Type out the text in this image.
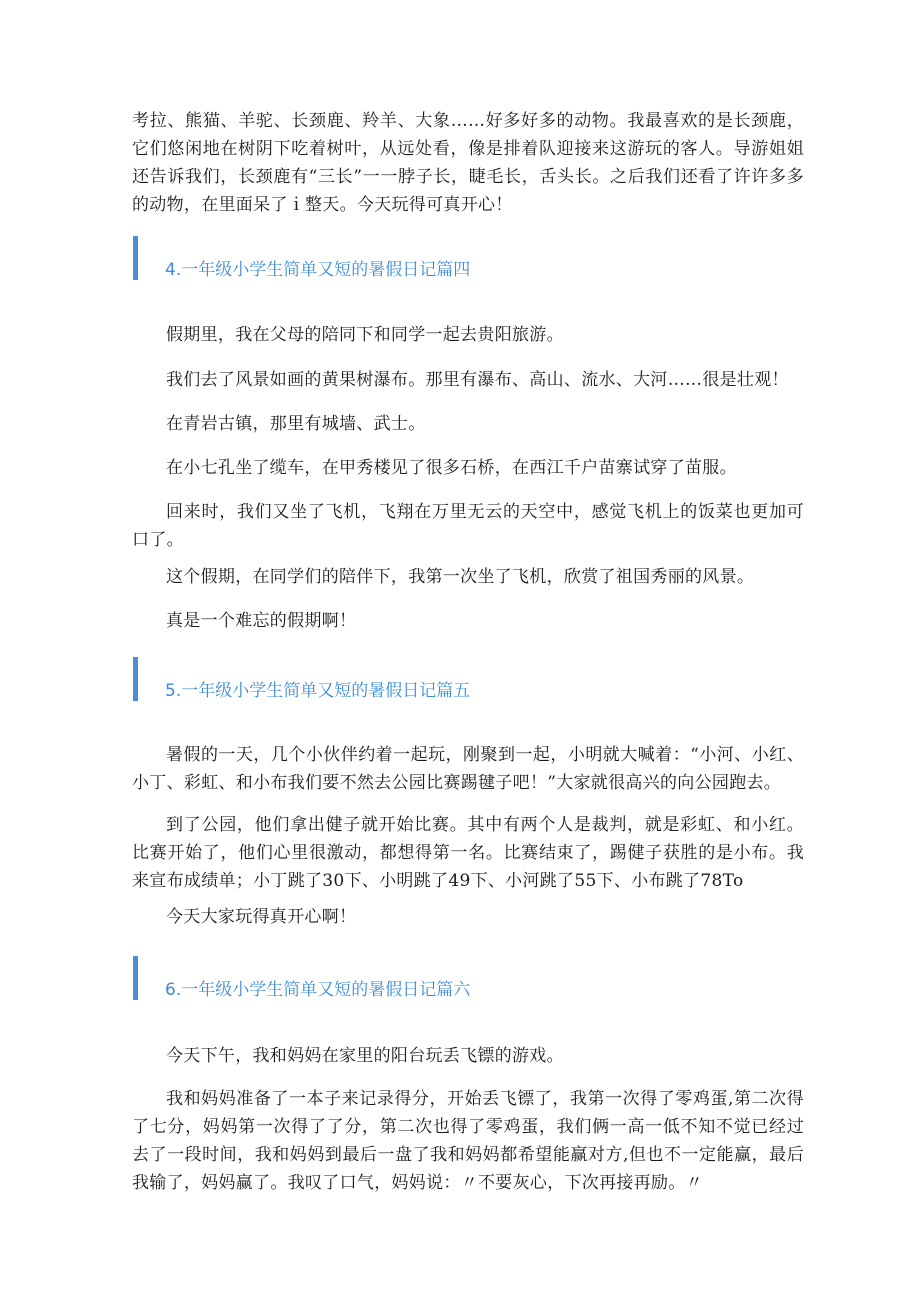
考拉、熊猫、羊驼、长颈鹿、羚羊、大象……好多好多的动物。我最喜欢的是长颈鹿，它们悠闲地在树阴下吃着树叶，从远处看，像是排着队迎接来这游玩的客人。导游姐姐还告诉我们，长颈鹿有“三长”一一脖子长，睫毛长，舌头长。之后我们还看了许许多多的动物，在里面呆了ｉ整天。今天玩得可真开心！

4.一年级小学生简单又短的暑假日记篇四

假期里，我在父母的陪同下和同学一起去贵阳旅游。

我们去了风景如画的黄果树瀑布。那里有瀑布、高山、流水、大河……很是壮观！

在青岩古镇，那里有城墙、武士。

在小七孔坐了缆车，在甲秀楼见了很多石桥，在西江千户苗寨试穿了苗服。

回来时，我们又坐了飞机，飞翔在万里无云的天空中，感觉飞机上的饭菜也更加可口了。

这个假期，在同学们的陪伴下，我第一次坐了飞机，欣赏了祖国秀丽的风景。

真是一个难忘的假期啊！

5.一年级小学生简单又短的暑假日记篇五

暑假的一天，几个小伙伴约着一起玩，刚聚到一起，小明就大喊着：“小河、小红、小丁、彩虹、和小布我们要不然去公园比赛踢毽子吧！”大家就很高兴的向公园跑去。

到了公园，他们拿出健子就开始比赛。其中有两个人是裁判，就是彩虹、和小红。比赛开始了，他们心里很激动，都想得第一名。比赛结束了，踢健子获胜的是小布。我来宣布成绩单；小丁跳了30下、小明跳了49下、小河跳了55下、小布跳了78To

今天大家玩得真开心啊！

6.一年级小学生简单又短的暑假日记篇六

今天下午，我和妈妈在家里的阳台玩丢飞镖的游戏。

我和妈妈准备了一本子来记录得分，开始丢飞镖了，我第一次得了零鸡蛋,第二次得了七分，妈妈第一次得了了分，第二次也得了零鸡蛋，我们俩一高一低不知不觉已经过去了一段时间，我和妈妈到最后一盘了我和妈妈都希望能赢对方,但也不一定能赢，最后我输了，妈妈赢了。我叹了口气，妈妈说：〃不要灰心，下次再接再励。〃
